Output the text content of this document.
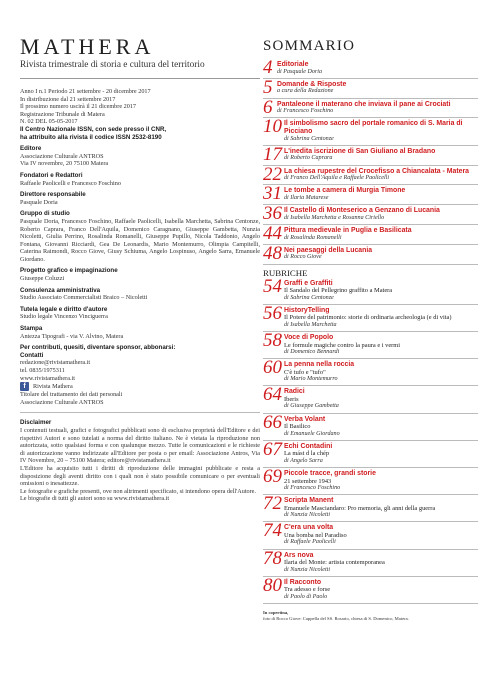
MATHERA
Rivista trimestrale di storia e cultura del territorio
Anno I n.1 Periodo 21 settembre - 20 dicembre 2017
In distribuzione dal 21 settembre 2017
Il prossimo numero uscirà il 21 dicembre 2017
Registrazione Tribunale di Matera
N. 02 DEL 05-05-2017
Il Centro Nazionale ISSN, con sede presso il CNR,
ha attribuito alla rivista il codice ISSN 2532-8190
Editore
Associazione Culturale ANTROS
Via IV novembre, 20 75100 Matera
Fondatori e Redattori
Raffaele Paolicelli e Francesco Foschino
Direttore responsabile
Pasquale Doria
Gruppo di studio
Pasquale Doria, Francesco Foschino, Raffaele Paolicelli, Isabella Marchetta, Sabrina Centonze, Roberto Caprara, Franco Dell'Aquila, Domenico Caragnano, Giuseppe Gambetta, Nunzia Nicoletti, Giulia Perrino, Rosalinda Romanelli, Giuseppe Pupillo, Nicola Taddonio, Angelo Fontana, Giovanni Ricciardi, Gea De Leonardis, Mario Montemurro, Olimpia Campitelli, Caterina Raimondi, Rocco Giove, Giusy Schiuma, Angelo Lospinuso, Angelo Sarra, Emanuele Giordano.
Progetto grafico e impaginazione
Giuseppe Coluzzi
Consulenza amministrativa
Studio Associato Commercialisti Braico – Nicoletti
Tutela legale e diritto d'autore
Studio legale Vincenzo Vinciguerra
Stampa
Antezza Tipografi - via V. Alvino, Matera
Per contributi, quesiti, diventare sponsor, abbonarsi:
Contatti
redazione@rivistamathera.it
tel. 0835/1975311
www.rivistamathera.it
f	Rivista Mathera
Titolare del trattamento dei dati personali
Associazione Culturale ANTROS
Disclaimer
I contenuti testuali, grafici e fotografici pubblicati sono di esclusiva proprietà dell'Editore e dei rispettivi Autori e sono tutelati a norma del diritto italiano. Ne è vietata la riproduzione non autorizzata, sotto qualsiasi forma e con qualunque mezzo. Tutte le comunicazioni e le richieste di autorizzazione vanno indirizzate all'Editore per posta o per email: Associazione Antros, Via IV Novembre, 20 – 75100 Matera; editore@rivistamathera.it
L'Editore ha acquisito tutti i diritti di riproduzione delle immagini pubblicate e resta a disposizione degli aventi diritto con i quali non è stato possibile comunicare o per eventuali omissioni o inesattezze.
Le fotografie e grafiche presenti, ove non altrimenti specificato, si intendono opera dell'Autore.
Le biografie di tutti gli autori sono su www.rivistamathera.it
SOMMARIO
4 Editoriale
di Pasquale Doria
5 Domande & Risposte
a cura della Redazione
6 Pantaleone il materano che inviava il pane ai Crociati
di Francesco Foschino
10 Il simbolismo sacro del portale romanico di S. Maria di Picciano
di Sabrina Centonze
17 L'inedita iscrizione di San Giuliano al Bradano
di Roberto Caprara
22 La chiesa rupestre del Crocefisso a Chiancalata - Matera
di Franco Dell'Aquila e Raffaele Paolicelli
31 Le tombe a camera di Murgia Timone
di Ilaria Matarese
36 Il Castello di Monteserico a Genzano di Lucania
di Isabella Marchetta e Rosanna Ciriello
44 Pittura medievale in Puglia e Basilicata
di Rosalinda Romanelli
48 Nei paesaggi della Lucania
di Rocco Giove
RUBRICHE
54 Graffi e Graffiti
Il Sandalo del Pellegrino graffito a Matera
di Sabrina Centonze
56 HistoryTelling
Il Potere del patrimonio: storie di ordinaria archeologia (e di vita)
di Isabella Marchetta
58 Voce di Popolo
Le formule magiche contro la paura e i vermi
di Domenico Bennardi
60 La penna nella roccia
C'è tufo e "tufo"
di Mario Montemurro
64 Radici
Iberis
di Giuseppe Gambetta
66 Verba Volant
Il Basilico
di Emanuele Giordano
67 Echi Contadini
La mást d la chép
di Angelo Sarra
69 Piccole tracce, grandi storie
21 settembre 1943
di Francesco Foschino
72 Scripta Manent
Emanuele Masciandaro: Pro memoria, gli anni della guerra
di Nunzia Nicoletti
74 C'era una volta
Una bomba nel Paradiso
di Raffaele Paolicelli
78 Ars nova
Ilaria del Monte: artista contemporanea
di Nunzia Nicoletti
80 Il Racconto
Tra adesso e forse
di Paolo di Paolo
In copertina,
foto di Rocco Giove: Cappella del SS. Rosario, chiesa di S. Domenico, Matera.
